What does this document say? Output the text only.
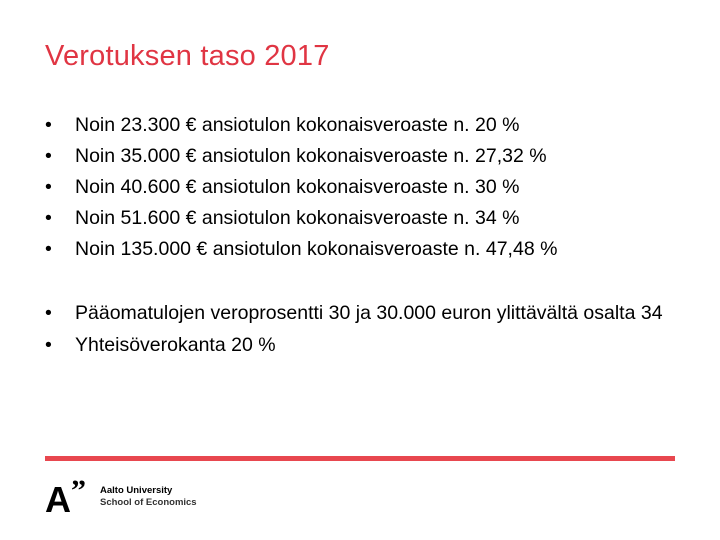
Verotuksen taso 2017
• Noin 23.300 € ansiotulon kokonaisveroaste n. 20 %
• Noin 35.000 € ansiotulon kokonaisveroaste n. 27,32 %
• Noin 40.600 € ansiotulon kokonaisveroaste n. 30 %
• Noin 51.600 € ansiotulon kokonaisveroaste n. 34 %
• Noin 135.000 € ansiotulon kokonaisveroaste n. 47,48 %
• Pääomatulojen veroprosentti 30 ja 30.000 euron ylittävältä osalta 34
• Yhteisöverokanta 20 %
A ” Aalto University
School of Economics
